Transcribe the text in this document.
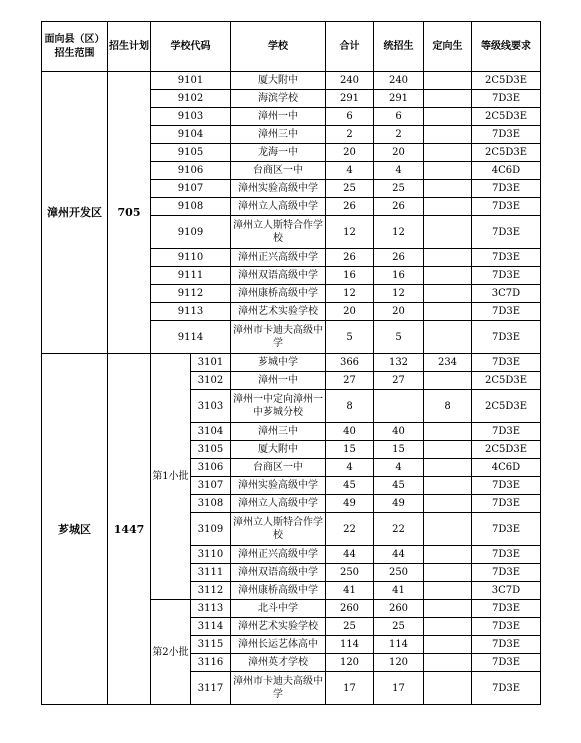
面向县（区）招生范围	招生计划	学校代码		学校	合计	统招生	定向生	等级线要求
漳州开发区	705	9101		厦大附中	240	240		2C5D3E
		9102		海滨学校	291	291		7D3E
		9103		漳州一中	6	6		2C5D3E
		9104		漳州三中	2	2		7D3E
		9105		龙海一中	20	20		2C5D3E
		9106		台商区一中	4	4		4C6D
		9107		漳州实验高级中学	25	25		7D3E
		9108		漳州立人高级中学	26	26		7D3E
		9109		漳州立人斯特合作学校	12	12		7D3E
		9110		漳州正兴高级中学	26	26		7D3E
		9111		漳州双语高级中学	16	16		7D3E
		9112		漳州康桥高级中学	12	12		3C7D
		9113		漳州艺术实验学校	20	20		7D3E
		9114		漳州市卡迪夫高级中学	5	5		7D3E
芗城区	1447	第1小批	3101	芗城中学	366	132	234	7D3E
			3102	漳州一中	27	27		2C5D3E
			3103	漳州一中定向漳州一中芗城分校	8		8	2C5D3E
			3104	漳州三中	40	40		7D3E
			3105	厦大附中	15	15		2C5D3E
			3106	台商区一中	4	4		4C6D
			3107	漳州实验高级中学	45	45		7D3E
			3108	漳州立人高级中学	49	49		7D3E
			3109	漳州立人斯特合作学校	22	22		7D3E
			3110	漳州正兴高级中学	44	44		7D3E
			3111	漳州双语高级中学	250	250		7D3E
			3112	漳州康桥高级中学	41	41		3C7D
		第2小批	3113	北斗中学	260	260		7D3E
			3114	漳州艺术实验学校	25	25		7D3E
			3115	漳州长运艺体高中	114	114		7D3E
			3116	漳州英才学校	120	120		7D3E
			3117	漳州市卡迪夫高级中学	17	17		7D3E
